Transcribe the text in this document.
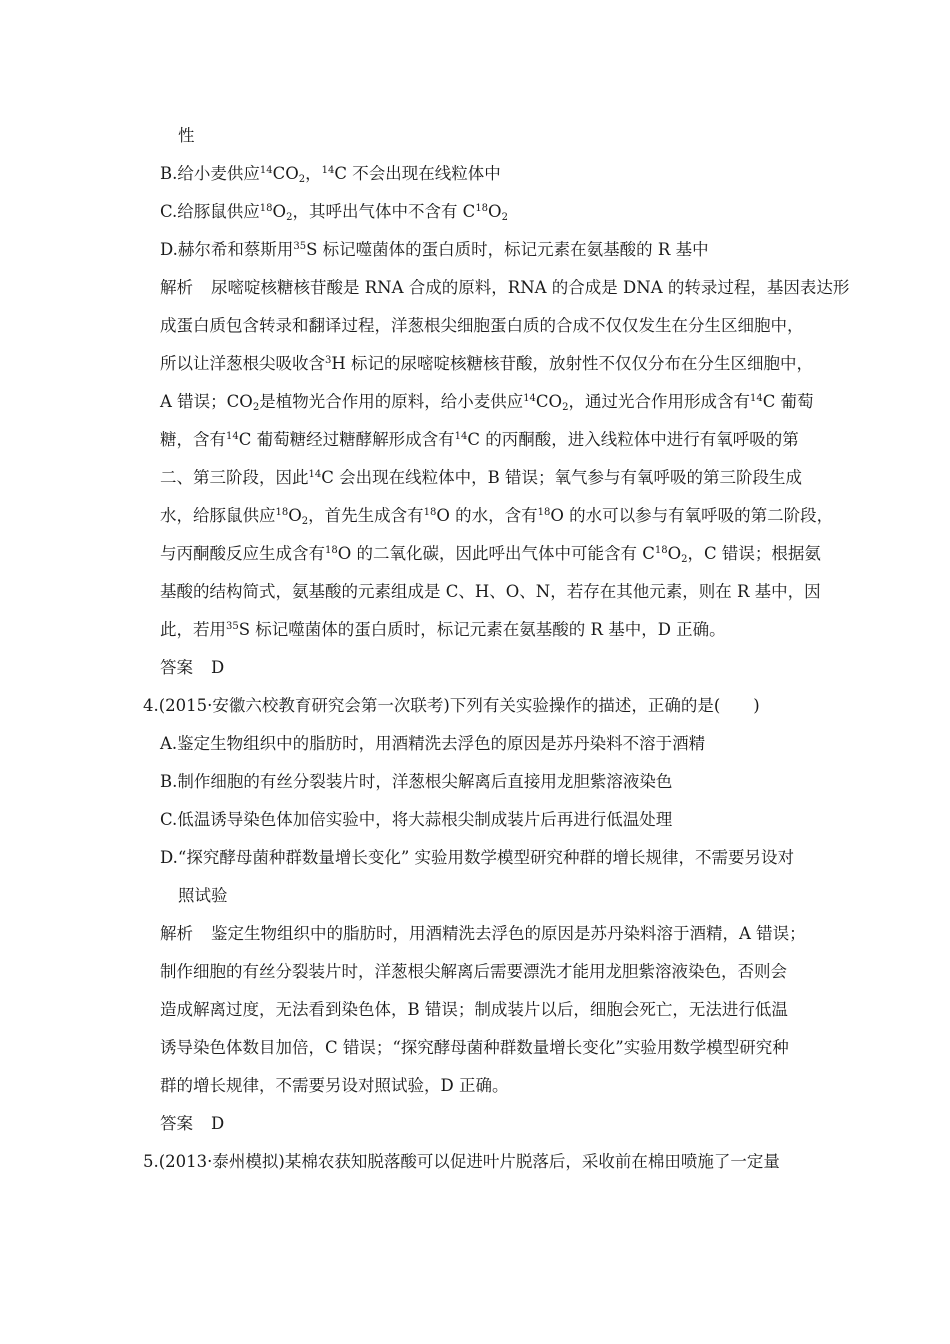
性
B.给小麦供应$^{14}CO_2$，$^{14}$C 不会出现在线粒体中
C.给豚鼠供应$^{18}O_2$，其呼出气体中不含有 $C^{18}O_2$
D.赫尔希和蔡斯用$^{35}$S 标记噬菌体的蛋白质时，标记元素在氨基酸的 R 基中
解析 尿嘧啶核糖核苷酸是 RNA 合成的原料，RNA 的合成是 DNA 的转录过程，基因表达形
成蛋白质包含转录和翻译过程，洋葱根尖细胞蛋白质的合成不仅仅发生在分生区细胞中，
所以让洋葱根尖吸收含$^3$H 标记的尿嘧啶核糖核苷酸，放射性不仅仅分布在分生区细胞中，
A 错误；$CO_2$是植物光合作用的原料，给小麦供应$^{14}CO_2$，通过光合作用形成含有$^{14}$C 葡萄
糖，含有$^{14}$C 葡萄糖经过糖酵解形成含有$^{14}$C 的丙酮酸，进入线粒体中进行有氧呼吸的第
二、第三阶段，因此$^{14}$C 会出现在线粒体中，B 错误；氧气参与有氧呼吸的第三阶段生成
水，给豚鼠供应$^{18}O_2$，首先生成含有$^{18}$O 的水，含有$^{18}$O 的水可以参与有氧呼吸的第二阶段，
与丙酮酸反应生成含有$^{18}$O 的二氧化碳，因此呼出气体中可能含有 $C^{18}O_2$，C 错误；根据氨
基酸的结构简式，氨基酸的元素组成是 C、H、O、N，若存在其他元素，则在 R 基中，因
此，若用$^{35}$S 标记噬菌体的蛋白质时，标记元素在氨基酸的 R 基中，D 正确。
答案 D
4.(2015·安徽六校教育研究会第一次联考)下列有关实验操作的描述，正确的是(　　)
A.鉴定生物组织中的脂肪时，用酒精洗去浮色的原因是苏丹染料不溶于酒精
B.制作细胞的有丝分裂装片时，洋葱根尖解离后直接用龙胆紫溶液染色
C.低温诱导染色体加倍实验中，将大蒜根尖制成装片后再进行低温处理
D.“探究酵母菌种群数量增长变化” 实验用数学模型研究种群的增长规律，不需要另设对
照试验
解析 鉴定生物组织中的脂肪时，用酒精洗去浮色的原因是苏丹染料溶于酒精，A 错误；
制作细胞的有丝分裂装片时，洋葱根尖解离后需要漂洗才能用龙胆紫溶液染色，否则会
造成解离过度，无法看到染色体，B 错误；制成装片以后，细胞会死亡，无法进行低温
诱导染色体数目加倍，C 错误；“探究酵母菌种群数量增长变化”实验用数学模型研究种
群的增长规律，不需要另设对照试验，D 正确。
答案 D
5.(2013·泰州模拟)某棉农获知脱落酸可以促进叶片脱落后，采收前在棉田喷施了一定量
